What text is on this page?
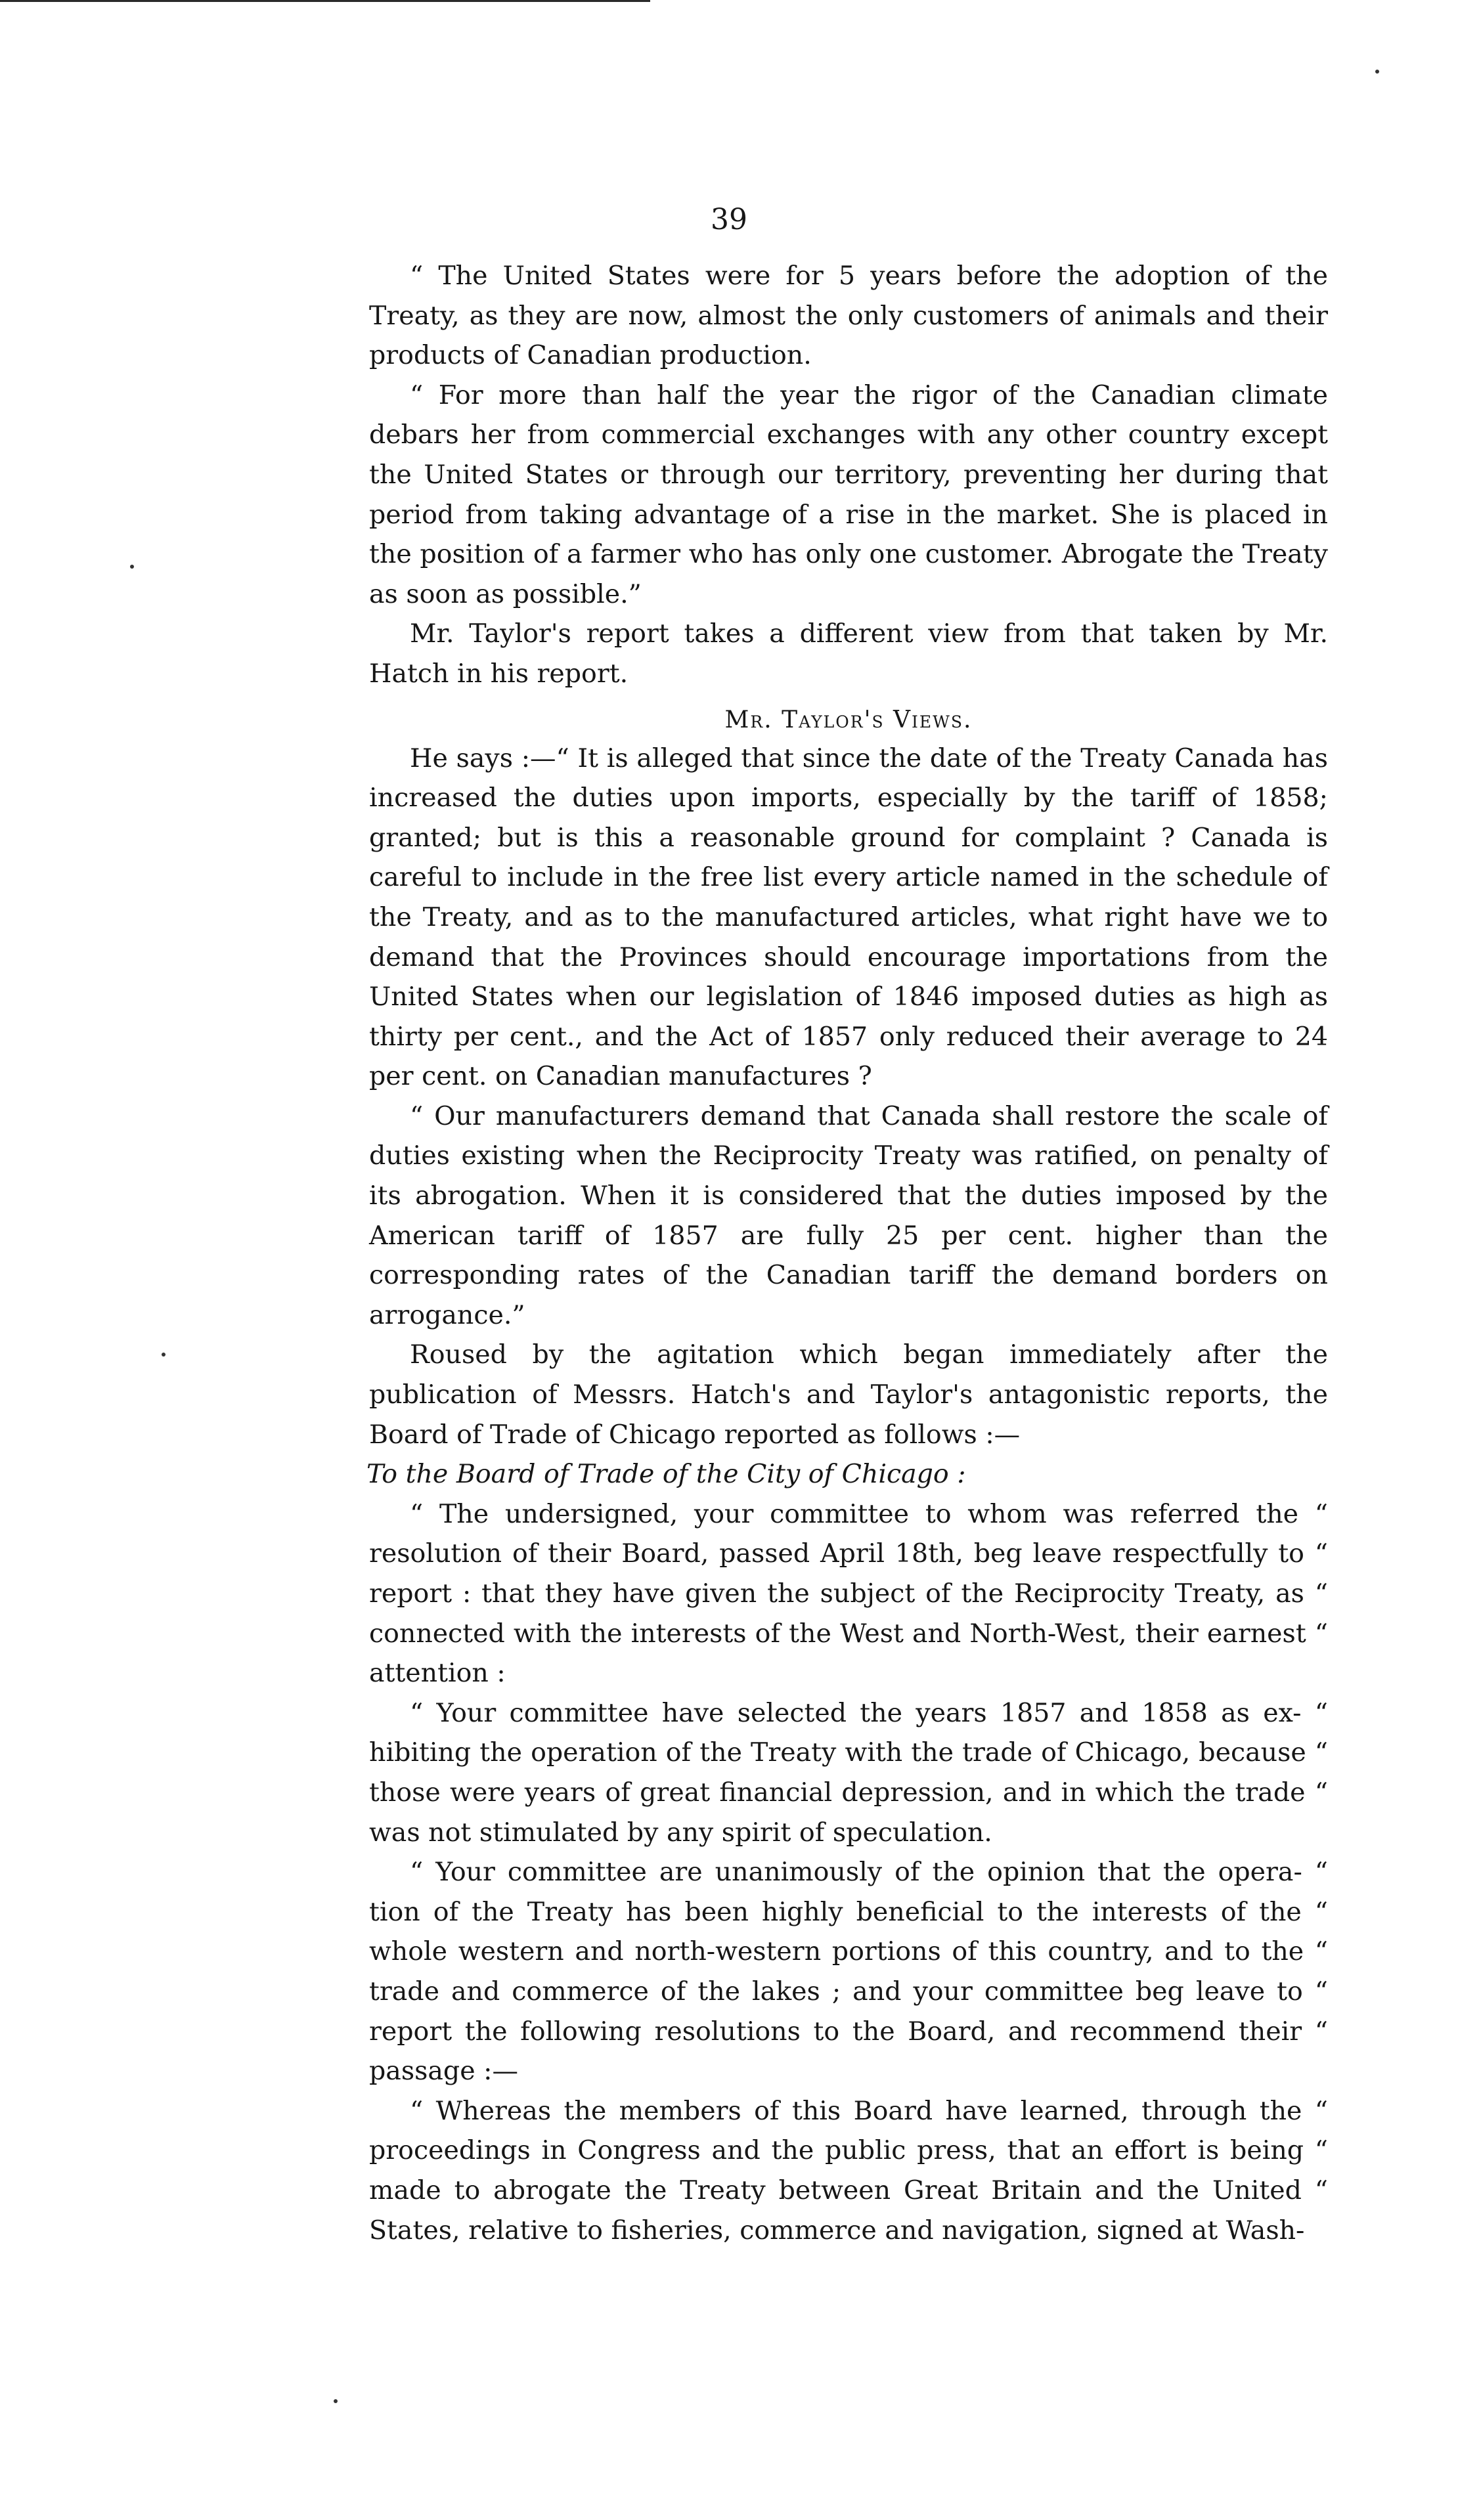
39

“ The United States were for 5 years before the adoption of the Treaty, as they are now, almost the only customers of animals and their products of Canadian production.

“ For more than half the year the rigor of the Canadian climate debars her from commercial exchanges with any other country except the United States or through our territory, preventing her during that period from taking advantage of a rise in the market. She is placed in the position of a farmer who has only one customer. Abrogate the Treaty as soon as possible.”

Mr. Taylor's report takes a different view from that taken by Mr. Hatch in his report.

Mr. Taylor's Views.

He says :—“ It is alleged that since the date of the Treaty Canada has increased the duties upon imports, especially by the tariff of 1858; granted; but is this a reasonable ground for complaint ? Canada is careful to include in the free list every article named in the schedule of the Treaty, and as to the manufactured articles, what right have we to demand that the Provinces should encourage importations from the United States when our legislation of 1846 imposed duties as high as thirty per cent., and the Act of 1857 only reduced their average to 24 per cent. on Canadian manufactures ?

“ Our manufacturers demand that Canada shall restore the scale of duties existing when the Reciprocity Treaty was ratified, on penalty of its abrogation. When it is considered that the duties imposed by the American tariff of 1857 are fully 25 per cent. higher than the corresponding rates of the Canadian tariff the demand borders on arrogance.”

Roused by the agitation which began immediately after the publication of Messrs. Hatch's and Taylor's antagonistic reports, the Board of Trade of Chicago reported as follows :—

To the Board of Trade of the City of Chicago :

“ The undersigned, your committee to whom was referred the “ resolution of their Board, passed April 18th, beg leave respectfully to “ report : that they have given the subject of the Reciprocity Treaty, as “ connected with the interests of the West and North-West, their earnest “ attention :

“ Your committee have selected the years 1857 and 1858 as ex- “ hibiting the operation of the Treaty with the trade of Chicago, because “ those were years of great financial depression, and in which the trade “ was not stimulated by any spirit of speculation.

“ Your committee are unanimously of the opinion that the opera- “ tion of the Treaty has been highly beneficial to the interests of the “ whole western and north-western portions of this country, and to the “ trade and commerce of the lakes ; and your committee beg leave to “ report the following resolutions to the Board, and recommend their “ passage :—

“ Whereas the members of this Board have learned, through the “ proceedings in Congress and the public press, that an effort is being “ made to abrogate the Treaty between Great Britain and the United “ States, relative to fisheries, commerce and navigation, signed at Wash-
